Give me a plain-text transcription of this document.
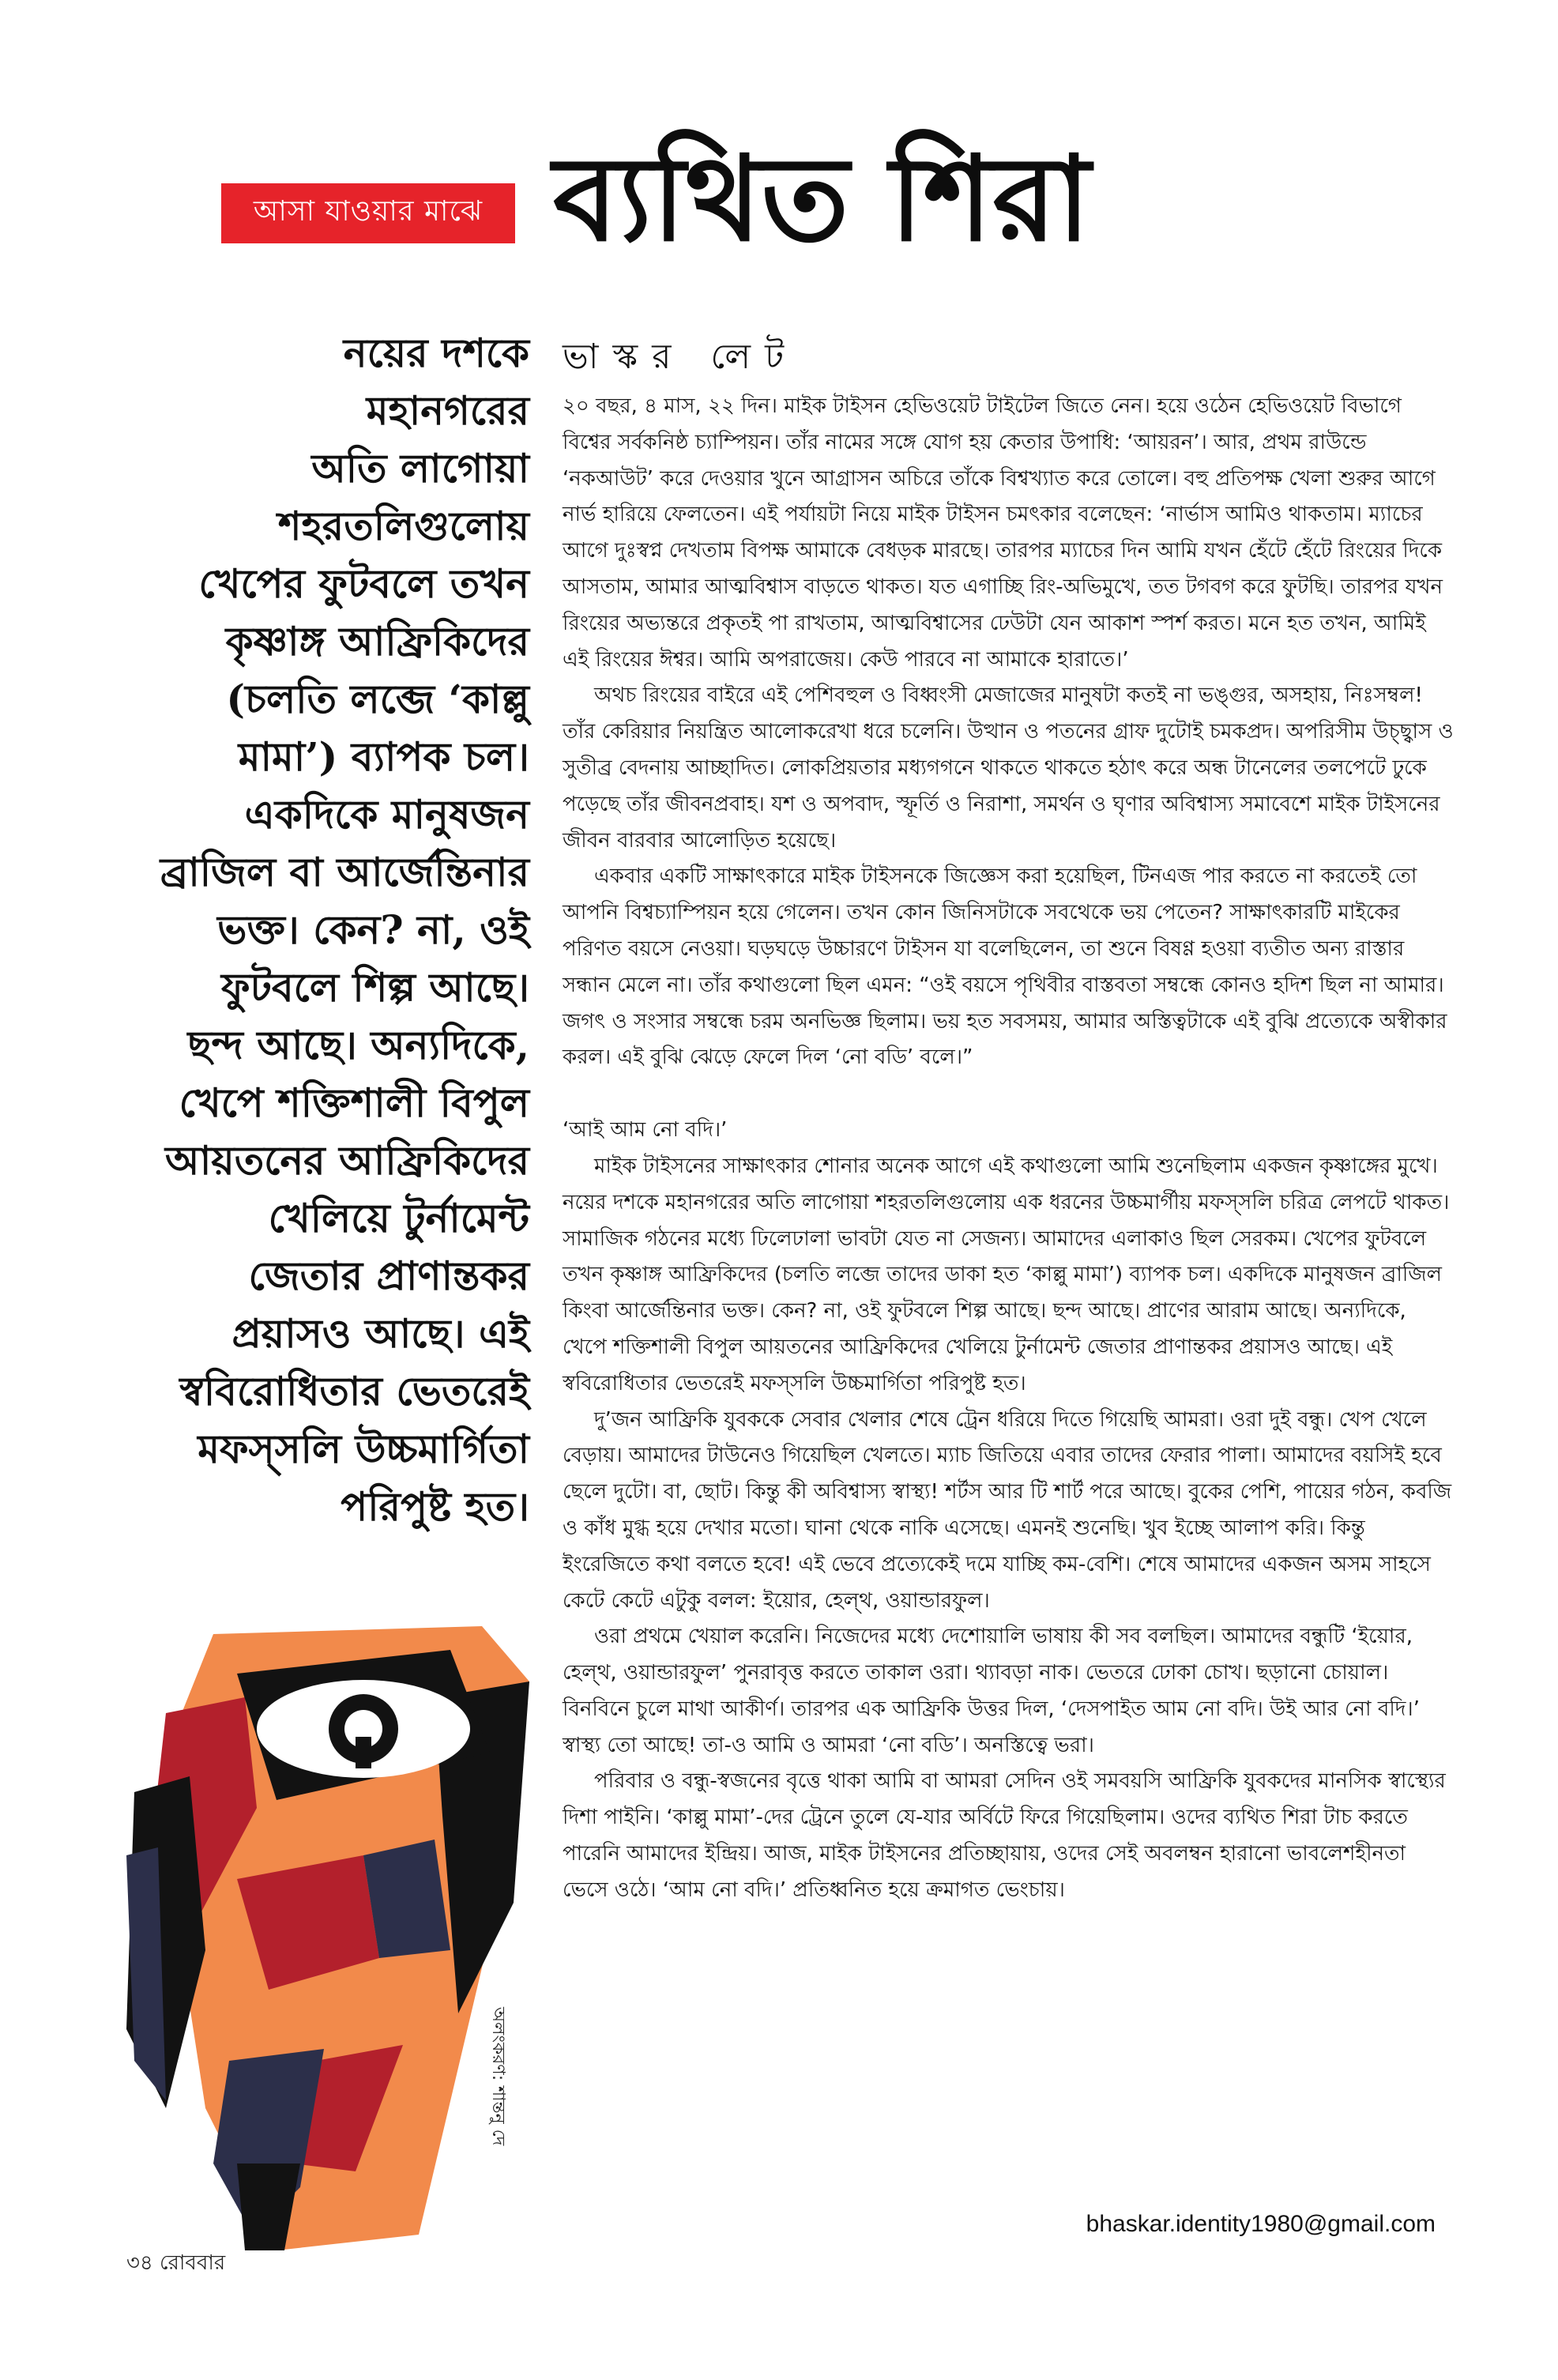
আসা যাওয়ার মাঝে ব্যথিত শিরা
নয়ের দশকে
মহানগরের
অতি লাগোয়া
শহরতলিগুলোয়
খেপের ফুটবলে তখন
কৃষ্ণাঙ্গ আফ্রিকিদের
(চলতি লব্জে ‘কাল্লু
মামা’) ব্যাপক চল।
একদিকে মানুষজন
ব্রাজিল বা আর্জেন্তিনার
ভক্ত। কেন? না, ওই
ফুটবলে শিল্প আছে।
ছন্দ আছে। অন্যদিকে,
খেপে শক্তিশালী বিপুল
আয়তনের আফ্রিকিদের
খেলিয়ে টুর্নামেন্ট
জেতার প্রাণান্তকর
প্রয়াসও আছে। এই
স্ববিরোধিতার ভেতরেই
মফস্‌সলি উচ্চমার্গিতা
পরিপুষ্ট হত।
ভাস্কর লেট

২০ বছর, ৪ মাস, ২২ দিন। মাইক টাইসন হেভিওয়েট টাইটেল জিতে নেন। হয়ে ওঠেন হেভিওয়েট বিভাগে বিশ্বের সর্বকনিষ্ঠ চ্যাম্পিয়ন। তাঁর নামের সঙ্গে যোগ হয় কেতার উপাধি: ‘আয়রন’। আর, প্রথম রাউন্ডে ‘নকআউট’ করে দেওয়ার খুনে আগ্রাসন অচিরে তাঁকে বিশ্বখ্যাত করে তোলে। বহু প্রতিপক্ষ খেলা শুরুর আগে নার্ভ হারিয়ে ফেলতেন। এই পর্যায়টা নিয়ে মাইক টাইসন চমৎকার বলেছেন: ‘নার্ভাস আমিও থাকতাম। ম্যাচের আগে দুঃস্বপ্ন দেখতাম বিপক্ষ আমাকে বেধড়ক মারছে। তারপর ম্যাচের দিন আমি যখন হেঁটে হেঁটে রিংয়ের দিকে আসতাম, আমার আত্মবিশ্বাস বাড়তে থাকত। যত এগাচ্ছি রিং-অভিমুখে, তত টগবগ করে ফুটছি। তারপর যখন রিংয়ের অভ্যন্তরে প্রকৃতই পা রাখতাম, আত্মবিশ্বাসের ঢেউটা যেন আকাশ স্পর্শ করত। মনে হত তখন, আমিই এই রিংয়ের ঈশ্বর। আমি অপরাজেয়। কেউ পারবে না আমাকে হারাতে।’

অথচ রিংয়ের বাইরে এই পেশিবহুল ও বিধ্বংসী মেজাজের মানুষটা কতই না ভঙ্গুর, অসহায়, নিঃসম্বল! তাঁর কেরিয়ার নিয়ন্ত্রিত আলোকরেখা ধরে চলেনি। উত্থান ও পতনের গ্রাফ দুটোই চমকপ্রদ। অপরিসীম উচ্ছ্বাস ও সুতীব্র বেদনায় আচ্ছাদিত। লোকপ্রিয়তার মধ্যগগনে থাকতে থাকতে হঠাৎ করে অন্ধ টানেলের তলপেটে ঢুকে পড়েছে তাঁর জীবনপ্রবাহ। যশ ও অপবাদ, স্ফূর্তি ও নিরাশা, সমর্থন ও ঘৃণার অবিশ্বাস্য সমাবেশে মাইক টাইসনের জীবন বারবার আলোড়িত হয়েছে।

একবার একটি সাক্ষাৎকারে মাইক টাইসনকে জিজ্ঞেস করা হয়েছিল, টিনএজ পার করতে না করতেই তো আপনি বিশ্বচ্যাম্পিয়ন হয়ে গেলেন। তখন কোন জিনিসটাকে সবথেকে ভয় পেতেন? সাক্ষাৎকারটি মাইকের পরিণত বয়সে নেওয়া। ঘড়ঘড়ে উচ্চারণে টাইসন যা বলেছিলেন, তা শুনে বিষণ্ণ হওয়া ব্যতীত অন্য রাস্তার সন্ধান মেলে না। তাঁর কথাগুলো ছিল এমন: “ওই বয়সে পৃথিবীর বাস্তবতা সম্বন্ধে কোনও হদিশ ছিল না আমার। জগৎ ও সংসার সম্বন্ধে চরম অনভিজ্ঞ ছিলাম। ভয় হত সবসময়, আমার অস্তিত্বটাকে এই বুঝি প্রত্যেকে অস্বীকার করল। এই বুঝি ঝেড়ে ফেলে দিল ‘নো বডি’ বলে।”

‘আই আম নো বদি।’

মাইক টাইসনের সাক্ষাৎকার শোনার অনেক আগে এই কথাগুলো আমি শুনেছিলাম একজন কৃষ্ণাঙ্গের মুখে। নয়ের দশকে মহানগরের অতি লাগোয়া শহরতলিগুলোয় এক ধরনের উচ্চমার্গীয় মফস্‌সলি চরিত্র লেপটে থাকত। সামাজিক গঠনের মধ্যে ঢিলেঢালা ভাবটা যেত না সেজন্য। আমাদের এলাকাও ছিল সেরকম। খেপের ফুটবলে তখন কৃষ্ণাঙ্গ আফ্রিকিদের (চলতি লব্জে তাদের ডাকা হত ‘কাল্লু মামা’) ব্যাপক চল। একদিকে মানুষজন ব্রাজিল কিংবা আর্জেন্তিনার ভক্ত। কেন? না, ওই ফুটবলে শিল্প আছে। ছন্দ আছে। প্রাণের আরাম আছে। অন্যদিকে, খেপে শক্তিশালী বিপুল আয়তনের আফ্রিকিদের খেলিয়ে টুর্নামেন্ট জেতার প্রাণান্তকর প্রয়াসও আছে। এই স্ববিরোধিতার ভেতরেই মফস্‌সলি উচ্চমার্গিতা পরিপুষ্ট হত।

দু’জন আফ্রিকি যুবককে সেবার খেলার শেষে ট্রেন ধরিয়ে দিতে গিয়েছি আমরা। ওরা দুই বন্ধু। খেপ খেলে বেড়ায়। আমাদের টাউনেও গিয়েছিল খেলতে। ম্যাচ জিতিয়ে এবার তাদের ফেরার পালা। আমাদের বয়সিই হবে ছেলে দুটো। বা, ছোট। কিন্তু কী অবিশ্বাস্য স্বাস্থ্য! শর্টস আর টি শার্ট পরে আছে। বুকের পেশি, পায়ের গঠন, কবজি ও কাঁধ মুগ্ধ হয়ে দেখার মতো। ঘানা থেকে নাকি এসেছে। এমনই শুনেছি। খুব ইচ্ছে আলাপ করি। কিন্তু ইংরেজিতে কথা বলতে হবে! এই ভেবে প্রত্যেকেই দমে যাচ্ছি কম-বেশি। শেষে আমাদের একজন অসম সাহসে কেটে কেটে এটুকু বলল: ইয়োর, হেল্‌থ, ওয়ান্ডারফুল।

ওরা প্রথমে খেয়াল করেনি। নিজেদের মধ্যে দেশোয়ালি ভাষায় কী সব বলছিল। আমাদের বন্ধুটি ‘ইয়োর, হেল্‌থ, ওয়ান্ডারফুল’ পুনরাবৃত্ত করতে তাকাল ওরা। থ্যাবড়া নাক। ভেতরে ঢোকা চোখ। ছড়ানো চোয়াল। বিনবিনে চুলে মাথা আকীর্ণ। তারপর এক আফ্রিকি উত্তর দিল, ‘দেসপাইত আম নো বদি। উই আর নো বদি।’ স্বাস্থ্য তো আছে! তা-ও আমি ও আমরা ‘নো বডি’। অনস্তিত্বে ভরা।

পরিবার ও বন্ধু-স্বজনের বৃত্তে থাকা আমি বা আমরা সেদিন ওই সমবয়সি আফ্রিকি যুবকদের মানসিক স্বাস্থ্যের দিশা পাইনি। ‘কাল্লু মামা’-দের ট্রেনে তুলে যে-যার অর্বিটে ফিরে গিয়েছিলাম। ওদের ব্যথিত শিরা টাচ করতে পারেনি আমাদের ইন্দ্রিয়। আজ, মাইক টাইসনের প্রতিচ্ছায়ায়, ওদের সেই অবলম্বন হারানো ভাবলেশহীনতা ভেসে ওঠে। ‘আম নো বদি।’ প্রতিধ্বনিত হয়ে ক্রমাগত ভেংচায়।

bhaskar.identity1980@gmail.com
অলংকরণ: শান্তনু দে
৩৪ রোববার
